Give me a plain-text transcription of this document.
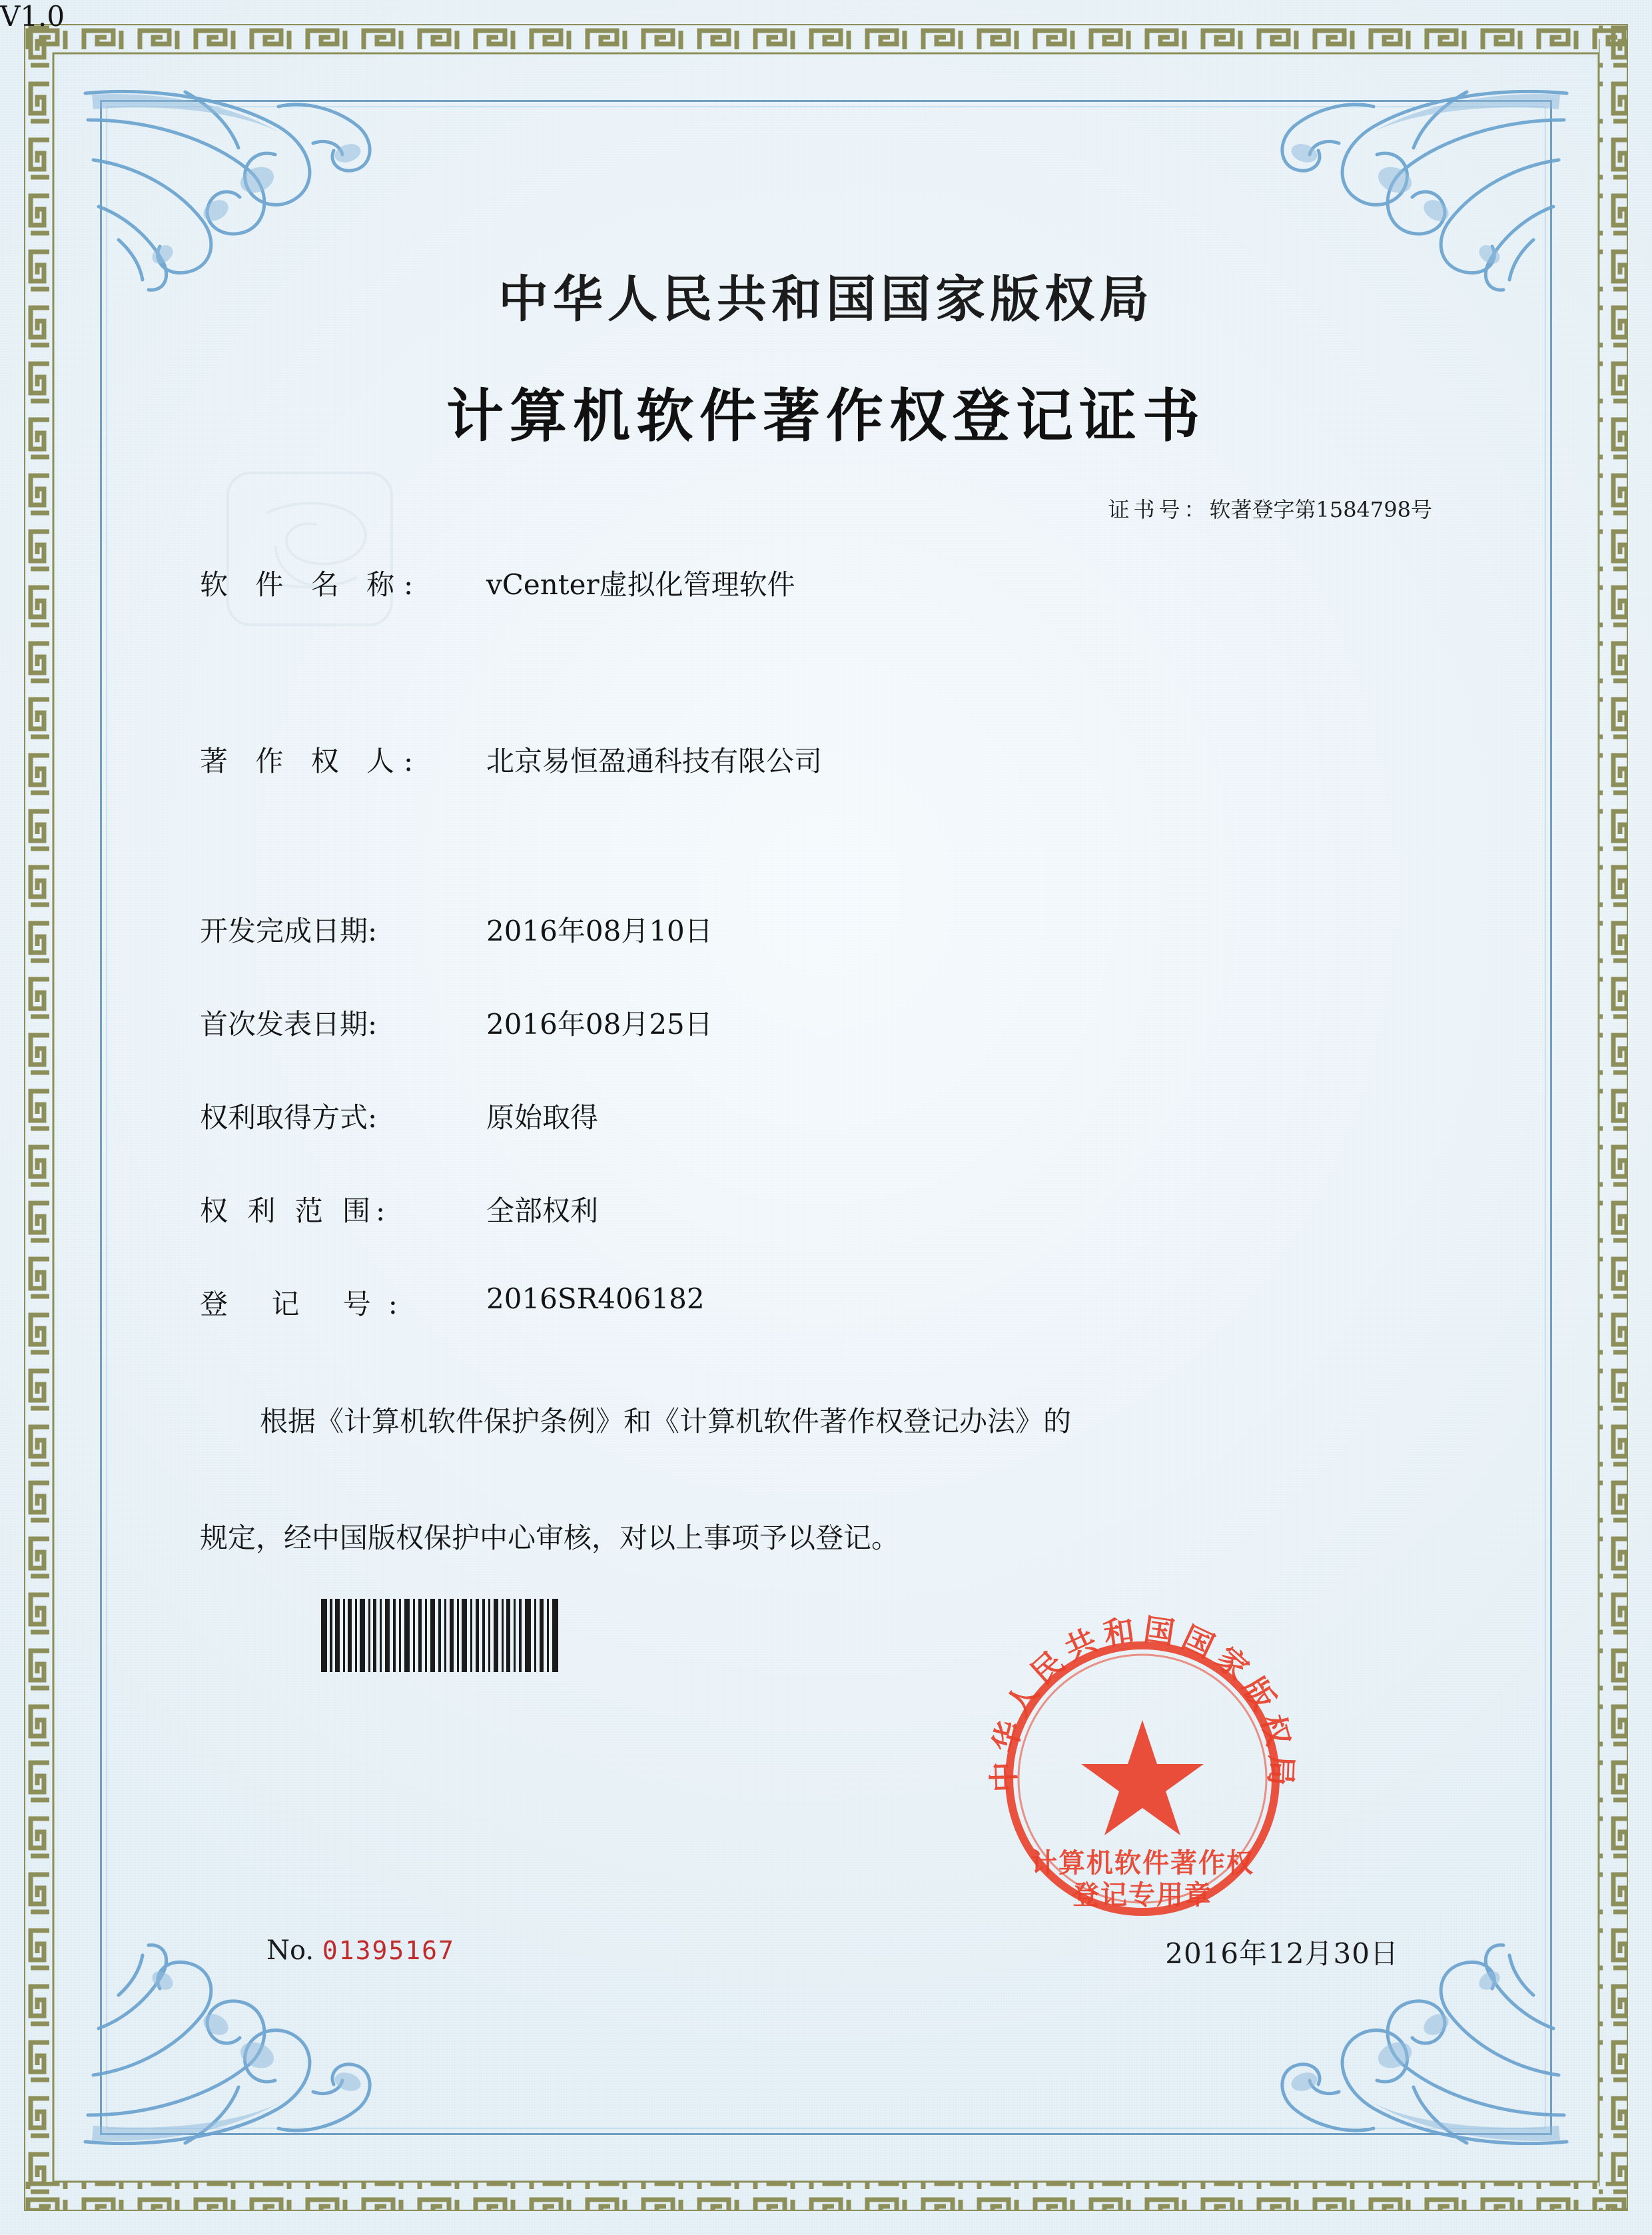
中华人民共和国国家版权局
计算机软件著作权登记证书
证书号：软著登字第1584798号
软 件 名 称:	vCenter虚拟化管理软件
V1.0
著 作 权 人:	北京易恒盈通科技有限公司
开发完成日期:	2016年08月10日
首次发表日期:	2016年08月25日
权利取得方式:	原始取得
权 利 范 围:	全部权利
登 记 号:	2016SR406182
根据《计算机软件保护条例》和《计算机软件著作权登记办法》的
规定，经中国版权保护中心审核，对以上事项予以登记。
中华人民共和国国家版权局
计算机软件著作权
登记专用章
No. 01395167	2016年12月30日
